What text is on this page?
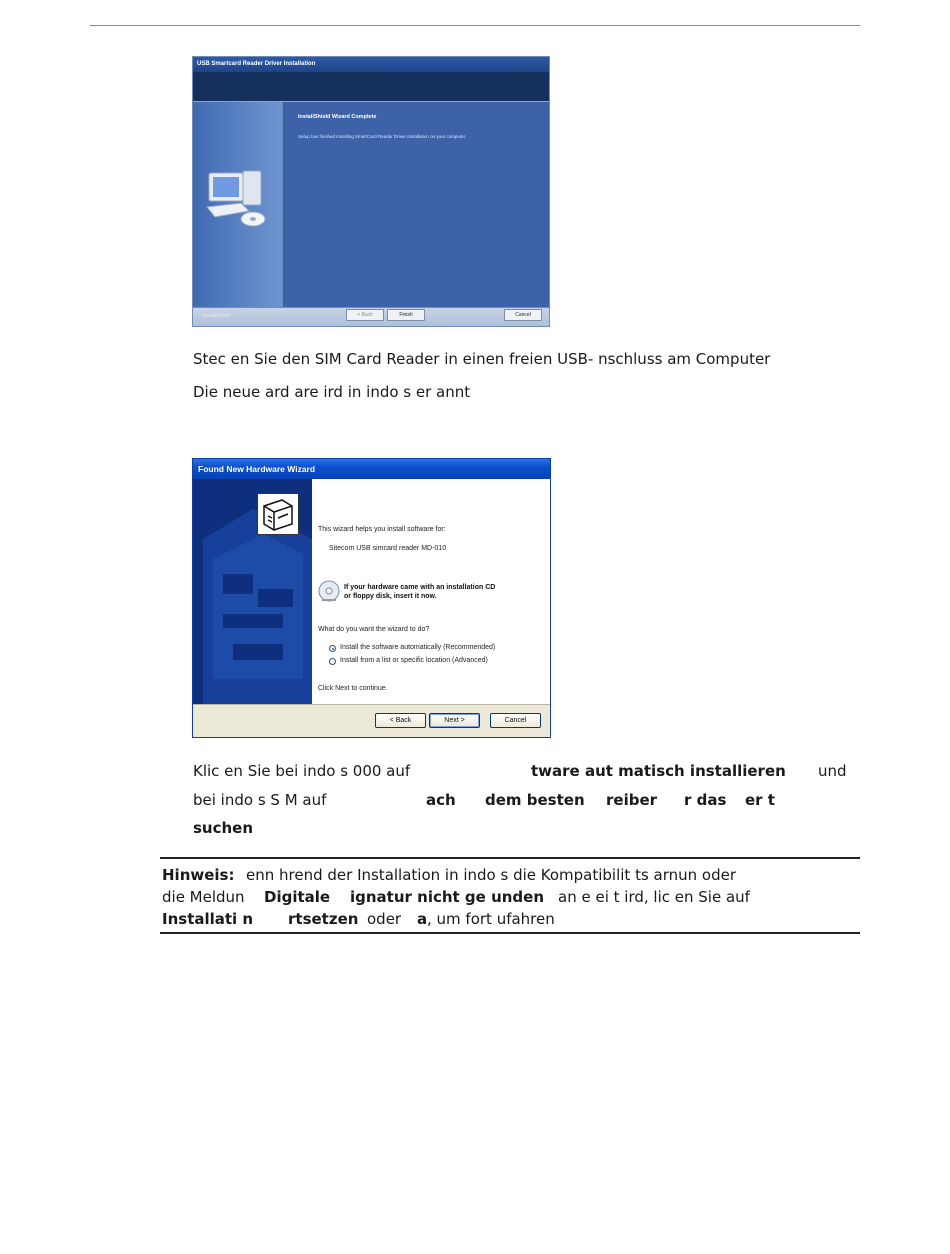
USB Smartcard Reader Driver Installation
InstallShield Wizard Complete
Setup has finished installing SmartCard Reader Driver Installation on your computer.
InstallShield	< Back	Finish	Cancel
Stec en Sie den SIM Card Reader in einen freien USB- nschluss am Computer
Die neue ard are ird in indo s er annt
Found New Hardware Wizard
This wizard helps you install software for:
Sitecom USB simcard reader MD-010
If your hardware came with an installation CD
or floppy disk, insert it now.
What do you want the wizard to do?
Install the software automatically (Recommended)
Install from a list or specific location (Advanced)
Click Next to continue.
< Back	Next >	Cancel
Klic en Sie bei indo s 000 auf	tware aut matisch installieren und
bei indo s S M auf	ach dem besten reiber r das er t
suchen
Hinweis: enn hrend der Installation in indo s die Kompatibilit ts arnun oder
die Meldun Digitale ignatur nicht ge unden an e ei t ird, lic en Sie auf
Installati n rtsetzen oder a , um fort ufahren
